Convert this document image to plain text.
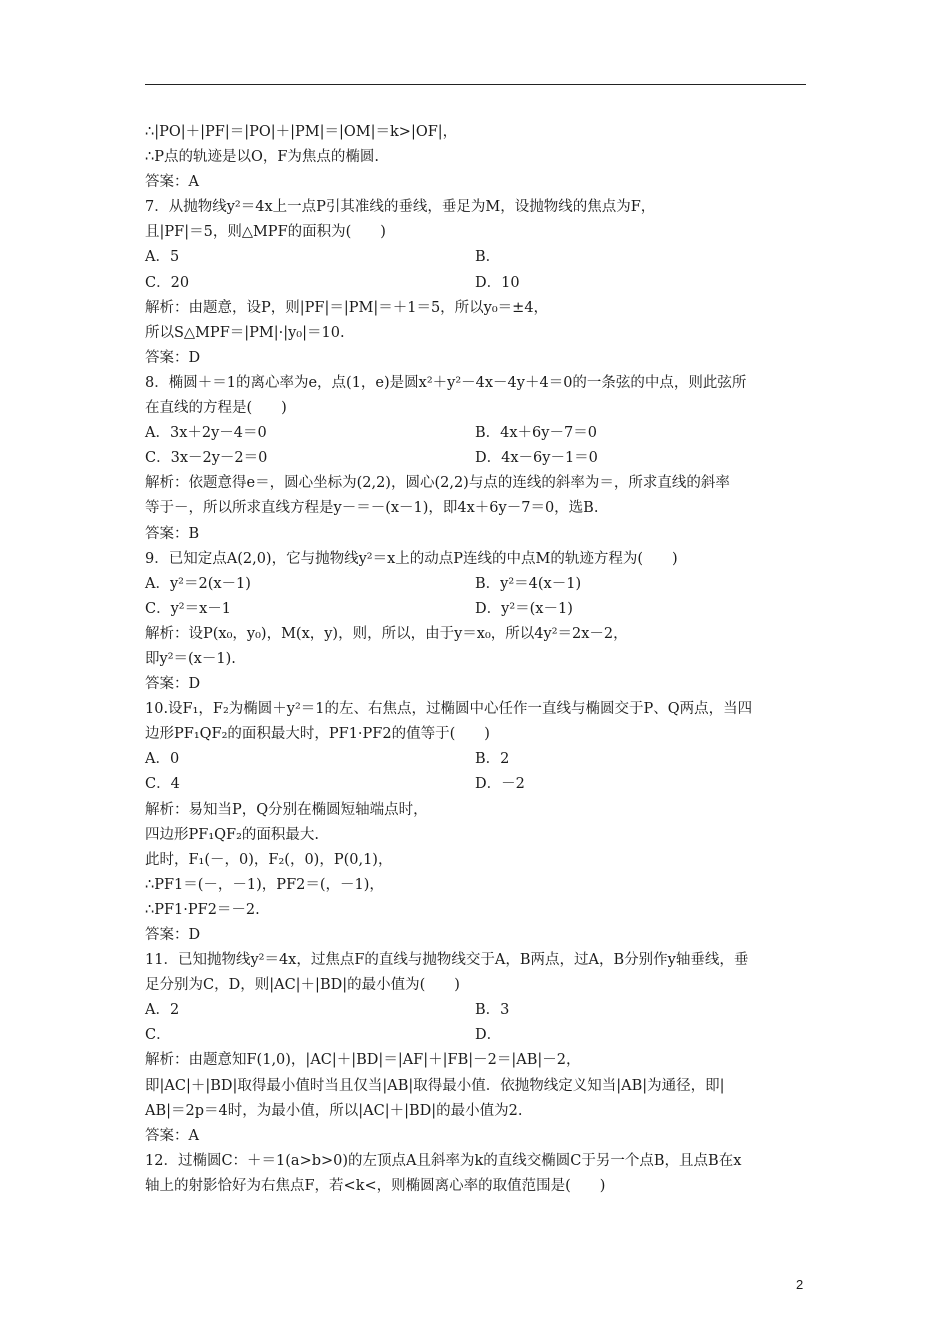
∴|PO|＋|PF|＝|PO|＋|PM|＝|OM|＝k>|OF|，
∴P点的轨迹是以O，F为焦点的椭圆.
答案：A
7．从抛物线y²＝4x上一点P引其准线的垂线，垂足为M，设抛物线的焦点为F，
且|PF|＝5，则△MPF的面积为(　　)
A．5	B．
C．20	D．10
解析：由题意，设P，则|PF|＝|PM|＝＋1＝5，所以y₀＝±4，
所以S△MPF＝|PM|·|y₀|＝10.
答案：D
8．椭圆＋＝1的离心率为e，点(1，e)是圆x²＋y²－4x－4y＋4＝0的一条弦的中点，则此弦所
在直线的方程是(　　)
A．3x＋2y－4＝0	B．4x＋6y－7＝0
C．3x－2y－2＝0	D．4x－6y－1＝0
解析：依题意得e＝，圆心坐标为(2,2)，圆心(2,2)与点的连线的斜率为＝，所求直线的斜率
等于－，所以所求直线方程是y－＝－(x－1)，即4x＋6y－7＝0，选B.
答案：B
9．已知定点A(2,0)，它与抛物线y²＝x上的动点P连线的中点M的轨迹方程为(　　)
A．y²＝2(x－1)	B．y²＝4(x－1)
C．y²＝x－1	D．y²＝(x－1)
解析：设P(x₀，y₀)，M(x，y)，则，所以，由于y＝x₀，所以4y²＝2x－2，
即y²＝(x－1).
答案：D
10.设F₁，F₂为椭圆＋y²＝1的左、右焦点，过椭圆中心任作一直线与椭圆交于P、Q两点，当四
边形PF₁QF₂的面积最大时，PF1·PF2的值等于(　　)
A．0	B．2
C．4	D．－2
解析：易知当P，Q分别在椭圆短轴端点时，
四边形PF₁QF₂的面积最大.
此时，F₁(－，0)，F₂(，0)，P(0,1)，
∴PF1＝(－，－1)，PF2＝(，－1)，
∴PF1·PF2＝－2.
答案：D
11．已知抛物线y²＝4x，过焦点F的直线与抛物线交于A，B两点，过A，B分别作y轴垂线，垂
足分别为C，D，则|AC|＋|BD|的最小值为(　　)
A．2	B．3
C．	D．
解析：由题意知F(1,0)，|AC|＋|BD|＝|AF|＋|FB|－2＝|AB|－2，
即|AC|＋|BD|取得最小值时当且仅当|AB|取得最小值．依抛物线定义知当|AB|为通径，即|
AB|＝2p＝4时，为最小值，所以|AC|＋|BD|的最小值为2.
答案：A
12．过椭圆C：＋＝1(a>b>0)的左顶点A且斜率为k的直线交椭圆C于另一个点B，且点B在x
轴上的射影恰好为右焦点F，若<k<，则椭圆离心率的取值范围是(　　)
2
